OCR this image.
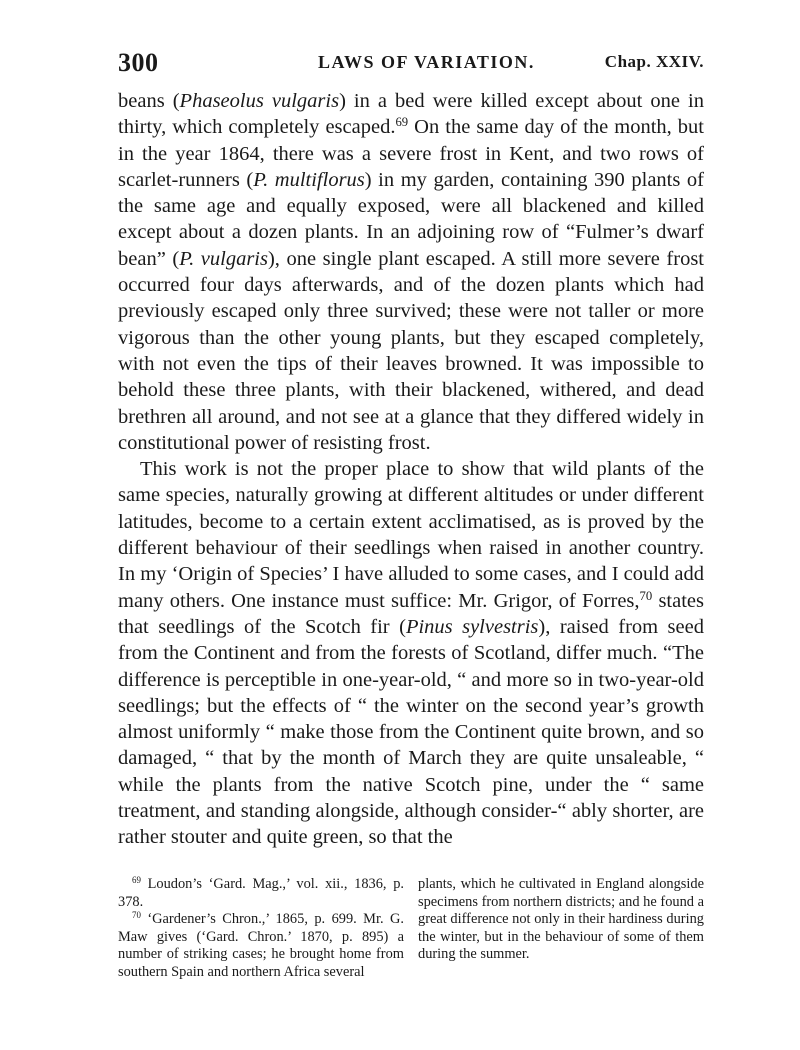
300	LAWS OF VARIATION.	Chap. XXIV.

beans (Phaseolus vulgaris) in a bed were killed except about one in thirty, which completely escaped.$^{69}$ On the same day of the month, but in the year 1864, there was a severe frost in Kent, and two rows of scarlet-runners (P. multiflorus) in my garden, containing 390 plants of the same age and equally exposed, were all blackened and killed except about a dozen plants. In an adjoining row of “Fulmer’s dwarf bean” (P. vulgaris), one single plant escaped. A still more severe frost occurred four days afterwards, and of the dozen plants which had previously escaped only three survived; these were not taller or more vigorous than the other young plants, but they escaped completely, with not even the tips of their leaves browned. It was impossible to behold these three plants, with their blackened, withered, and dead brethren all around, and not see at a glance that they differed widely in constitutional power of resisting frost.

This work is not the proper place to show that wild plants of the same species, naturally growing at different altitudes or under different latitudes, become to a certain extent acclimatised, as is proved by the different behaviour of their seedlings when raised in another country. In my ‘Origin of Species’ I have alluded to some cases, and I could add many others. One instance must suffice: Mr. Grigor, of Forres,$^{70}$ states that seedlings of the Scotch fir (Pinus sylvestris), raised from seed from the Continent and from the forests of Scotland, differ much. “The difference is perceptible in one-year-old, “ and more so in two-year-old seedlings; but the effects of “ the winter on the second year’s growth almost uniformly “ make those from the Continent quite brown, and so damaged, “ that by the month of March they are quite unsaleable, “ while the plants from the native Scotch pine, under the “ same treatment, and standing alongside, although consider-“ ably shorter, are rather stouter and quite green, so that the

$^{69}$ Loudon’s ‘Gard. Mag.,’ vol. xii., 1836, p. 378.

$^{70}$ ‘Gardener’s Chron.,’ 1865, p. 699. Mr. G. Maw gives (‘Gard. Chron.’ 1870, p. 895) a number of striking cases; he brought home from southern Spain and northern Africa several

plants, which he cultivated in England alongside specimens from northern districts; and he found a great difference not only in their hardiness during the winter, but in the behaviour of some of them during the summer.
